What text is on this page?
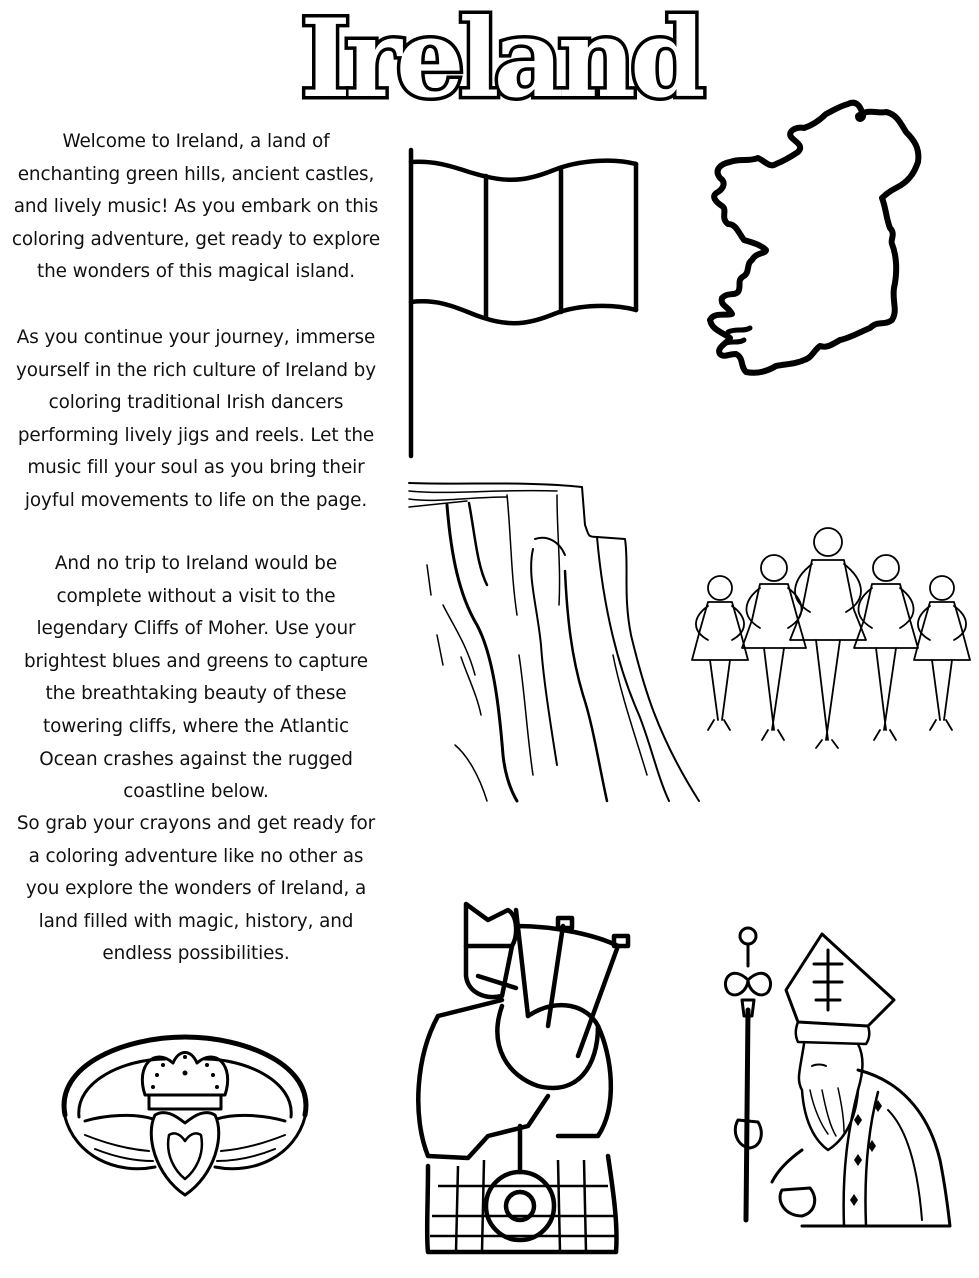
Ireland

Welcome to Ireland, a land of
enchanting green hills, ancient castles,
and lively music! As you embark on this
coloring adventure, get ready to explore
the wonders of this magical island.

As you continue your journey, immerse
yourself in the rich culture of Ireland by
coloring traditional Irish dancers
performing lively jigs and reels. Let the
music fill your soul as you bring their
joyful movements to life on the page.

And no trip to Ireland would be
complete without a visit to the
legendary Cliffs of Moher. Use your
brightest blues and greens to capture
the breathtaking beauty of these
towering cliffs, where the Atlantic
Ocean crashes against the rugged
coastline below.

So grab your crayons and get ready for
a coloring adventure like no other as
you explore the wonders of Ireland, a
land filled with magic, history, and
endless possibilities.
